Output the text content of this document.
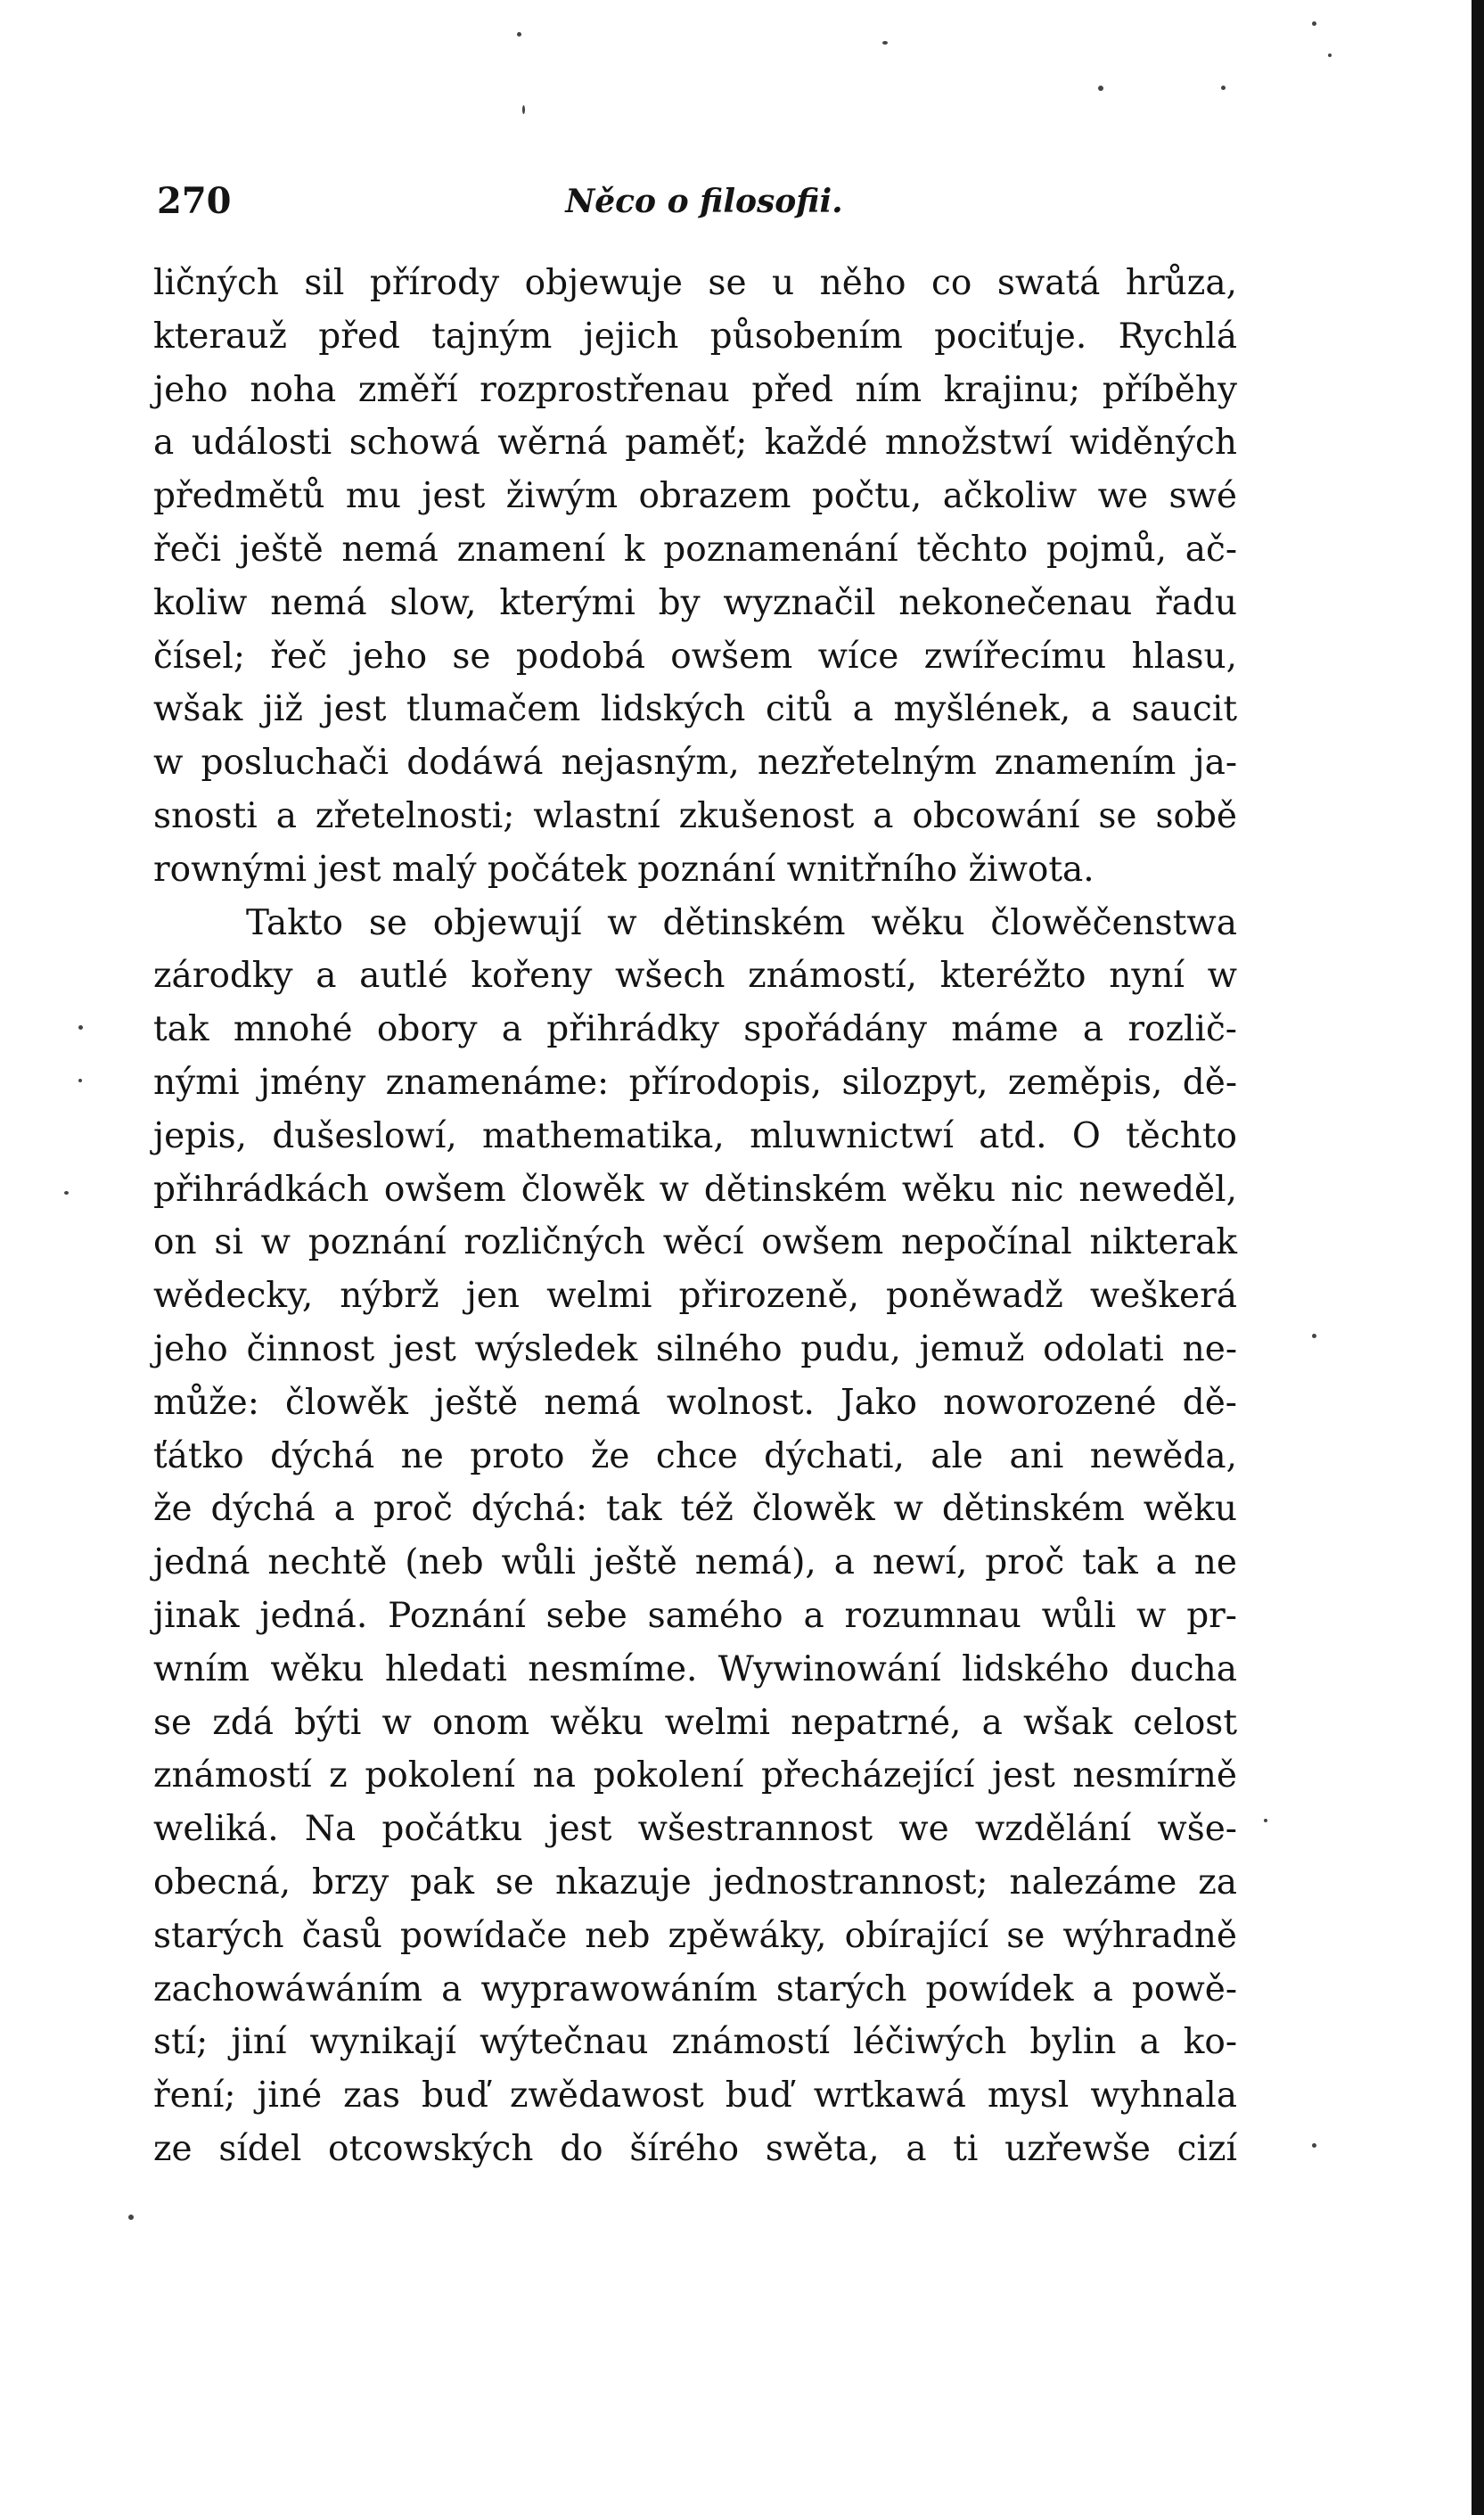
270	Něco o filosofii.
ličných sil přírody objewuje se u něho co swatá hrůza,
kterauž před tajným jejich působením pociťuje. Rychlá
jeho noha změří rozprostřenau před ním krajinu; příběhy
a události schowá wěrná paměť; každé množstwí widěných
předmětů mu jest žiwým obrazem počtu, ačkoliw we swé
řeči ještě nemá znamení k poznamenání těchto pojmů, ač-
koliw nemá slow, kterými by wyznačil nekonečenau řadu
čísel; řeč jeho se podobá owšem wíce zwířecímu hlasu,
wšak již jest tlumačem lidských citů a myšlének, a saucit
w posluchači dodáwá nejasným, nezřetelným znamením ja-
snosti a zřetelnosti; wlastní zkušenost a obcowání se sobě
rownými jest malý počátek poznání wnitřního žiwota.
Takto se objewují w dětinském wěku člowěčenstwa
zárodky a autlé kořeny wšech známostí, kteréžto nyní w
tak mnohé obory a přihrádky spořádány máme a rozlič-
nými jmény znamenáme: přírodopis, silozpyt, zeměpis, dě-
jepis, dušeslowí, mathematika, mluwnictwí atd. O těchto
přihrádkách owšem člowěk w dětinském wěku nic neweděl,
on si w poznání rozličných wěcí owšem nepočínal nikterak
wědecky, nýbrž jen welmi přirozeně, poněwadž weškerá
jeho činnost jest wýsledek silného pudu, jemuž odolati ne-
může: člowěk ještě nemá wolnost. Jako noworozené dě-
ťátko dýchá ne proto že chce dýchati, ale ani newěda,
že dýchá a proč dýchá: tak též člowěk w dětinském wěku
jedná nechtě (neb wůli ještě nemá), a newí, proč tak a ne
jinak jedná. Poznání sebe samého a rozumnau wůli w pr-
wním wěku hledati nesmíme. Wywinowání lidského ducha
se zdá býti w onom wěku welmi nepatrné, a wšak celost
známostí z pokolení na pokolení přecházející jest nesmírně
weliká. Na počátku jest wšestrannost we wzdělání wše-
obecná, brzy pak se nkazuje jednostrannost; nalezáme za
starých časů powídače neb zpěwáky, obírající se wýhradně
zachowáwáním a wyprawowáním starých powídek a powě-
stí; jiní wynikají wýtečnau známostí léčiwých bylin a ko-
ření; jiné zas buď zwědawost buď wrtkawá mysl wyhnala
ze sídel otcowských do šírého swěta, a ti uzřewše cizí
